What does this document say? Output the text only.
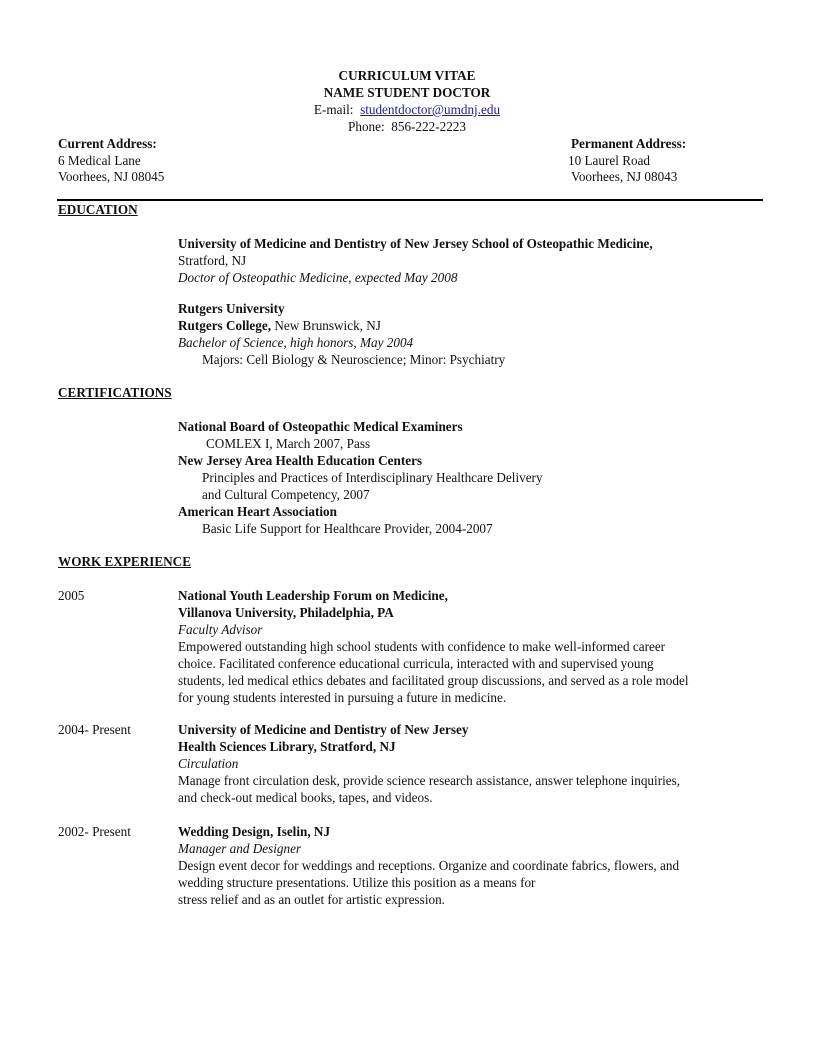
CURRICULUM VITAE
NAME STUDENT DOCTOR
E-mail: studentdoctor@umdnj.edu
Phone: 856-222-2223
Current Address:
6 Medical Lane
Voorhees, NJ 08045
Permanent Address:
10 Laurel Road
Voorhees, NJ 08043
EDUCATION
University of Medicine and Dentistry of New Jersey School of Osteopathic Medicine,
Stratford, NJ
Doctor of Osteopathic Medicine, expected May 2008
Rutgers University
Rutgers College, New Brunswick, NJ
Bachelor of Science, high honors, May 2004
Majors: Cell Biology & Neuroscience; Minor: Psychiatry
CERTIFICATIONS
National Board of Osteopathic Medical Examiners
COMLEX I, March 2007, Pass
New Jersey Area Health Education Centers
Principles and Practices of Interdisciplinary Healthcare Delivery
and Cultural Competency, 2007
American Heart Association
Basic Life Support for Healthcare Provider, 2004-2007
WORK EXPERIENCE
2005	National Youth Leadership Forum on Medicine,
Villanova University, Philadelphia, PA
Faculty Advisor
Empowered outstanding high school students with confidence to make well-informed career
choice. Facilitated conference educational curricula, interacted with and supervised young
students, led medical ethics debates and facilitated group discussions, and served as a role model
for young students interested in pursuing a future in medicine.
2004- Present	University of Medicine and Dentistry of New Jersey
Health Sciences Library, Stratford, NJ
Circulation
Manage front circulation desk, provide science research assistance, answer telephone inquiries,
and check-out medical books, tapes, and videos.
2002- Present	Wedding Design, Iselin, NJ
Manager and Designer
Design event decor for weddings and receptions. Organize and coordinate fabrics, flowers, and
wedding structure presentations. Utilize this position as a means for
stress relief and as an outlet for artistic expression.
